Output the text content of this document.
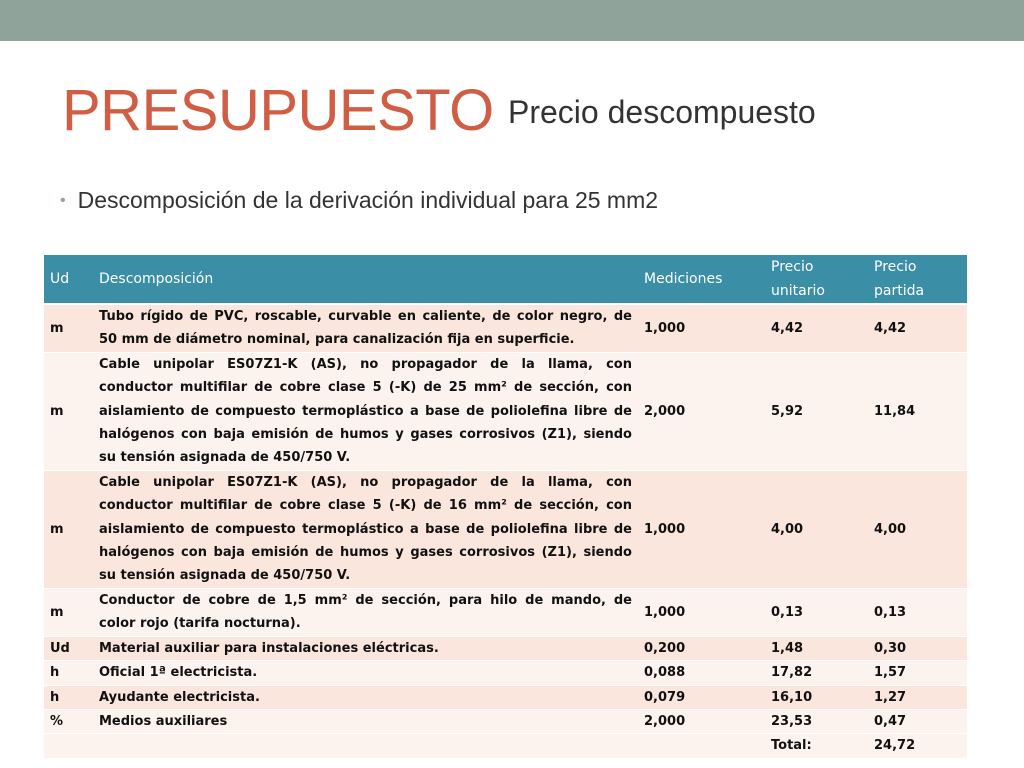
PRESUPUESTO Precio descompuesto
• Descomposición de la derivación individual para 25 mm2
Ud	Descomposición	Mediciones	Precio unitario	Precio partida
m	Tubo rígido de PVC, roscable, curvable en caliente, de color negro, de 50 mm de diámetro nominal, para canalización fija en superficie.	1,000	4,42	4,42
m	Cable unipolar ES07Z1-K (AS), no propagador de la llama, con conductor multifilar de cobre clase 5 (-K) de 25 mm² de sección, con aislamiento de compuesto termoplástico a base de poliolefina libre de halógenos con baja emisión de humos y gases corrosivos (Z1), siendo su tensión asignada de 450/750 V.	2,000	5,92	11,84
m	Cable unipolar ES07Z1-K (AS), no propagador de la llama, con conductor multifilar de cobre clase 5 (-K) de 16 mm² de sección, con aislamiento de compuesto termoplástico a base de poliolefina libre de halógenos con baja emisión de humos y gases corrosivos (Z1), siendo su tensión asignada de 450/750 V.	1,000	4,00	4,00
m	Conductor de cobre de 1,5 mm² de sección, para hilo de mando, de color rojo (tarifa nocturna).	1,000	0,13	0,13
Ud	Material auxiliar para instalaciones eléctricas.	0,200	1,48	0,30
h	Oficial 1ª electricista.	0,088	17,82	1,57
h	Ayudante electricista.	0,079	16,10	1,27
%	Medios auxiliares	2,000	23,53	0,47
			Total:	24,72
